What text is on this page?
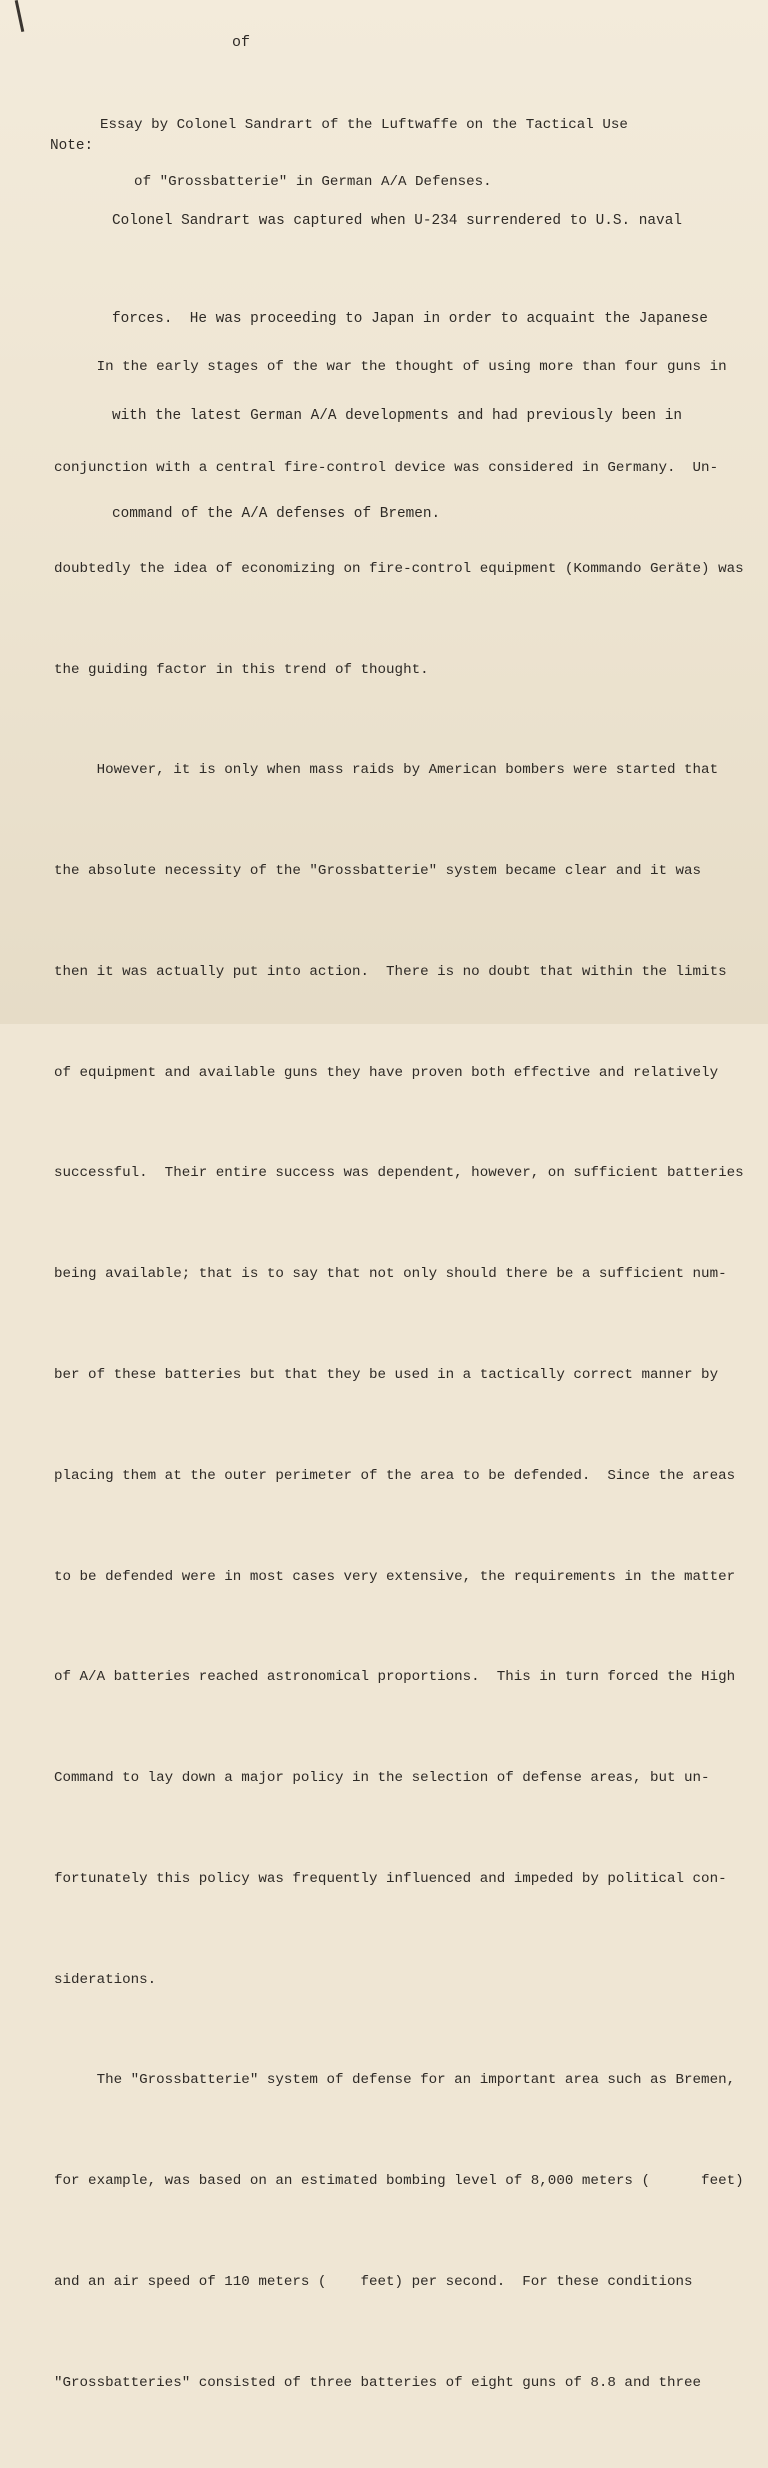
of

Essay by Colonel Sandrart of the Luftwaffe on the Tactical Use

of "Grossbatterie" in German A/A Defenses.

Note:

Colonel Sandrart was captured when U-234 surrendered to U.S. naval

forces.  He was proceeding to Japan in order to acquaint the Japanese

with the latest German A/A developments and had previously been in

command of the A/A defenses of Bremen.

In the early stages of the war the thought of using more than four guns in

conjunction with a central fire-control device was considered in Germany.  Un-

doubtedly the idea of economizing on fire-control equipment (Kommando Geräte) was

the guiding factor in this trend of thought.

However, it is only when mass raids by American bombers were started that

the absolute necessity of the "Grossbatterie" system became clear and it was

then it was actually put into action.  There is no doubt that within the limits

of equipment and available guns they have proven both effective and relatively

successful.  Their entire success was dependent, however, on sufficient batteries

being available; that is to say that not only should there be a sufficient num-

ber of these batteries but that they be used in a tactically correct manner by

placing them at the outer perimeter of the area to be defended.  Since the areas

to be defended were in most cases very extensive, the requirements in the matter

of A/A batteries reached astronomical proportions.  This in turn forced the High

Command to lay down a major policy in the selection of defense areas, but un-

fortunately this policy was frequently influenced and impeded by political con-

siderations.

The "Grossbatterie" system of defense for an important area such as Bremen,

for example, was based on an estimated bombing level of 8,000 meters (      feet)

and an air speed of 110 meters (    feet) per second.  For these conditions

"Grossbatteries" consisted of three batteries of eight guns of 8.8 and three
